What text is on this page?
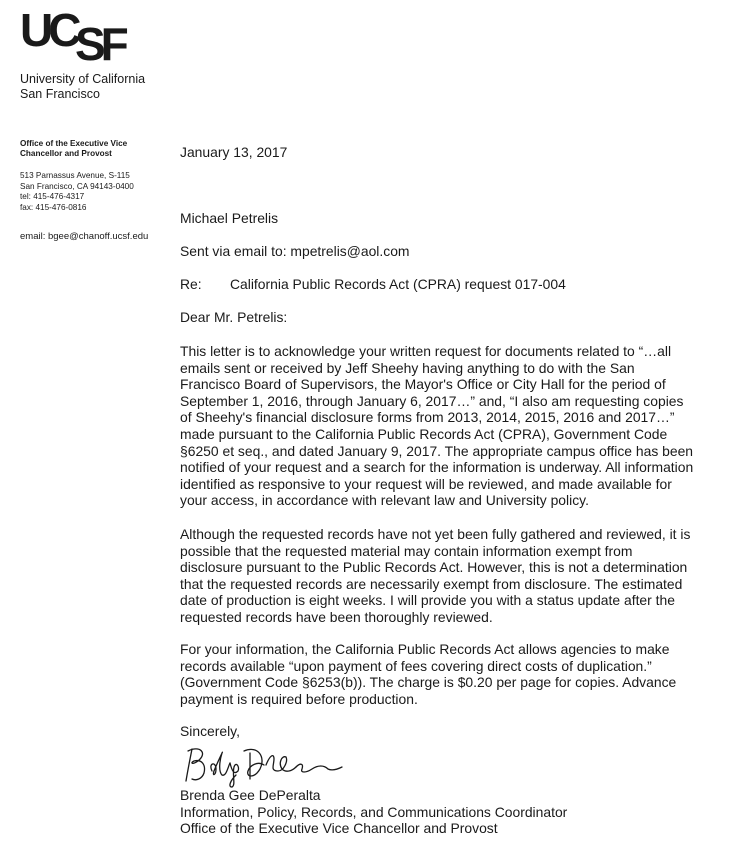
UC
SF
University of California
San Francisco
Office of the Executive Vice
Chancellor and Provost
513 Parnassus Avenue, S-115
San Francisco, CA 94143-0400
tel: 415-476-4317
fax: 415-476-0816
email: bgee@chanoff.ucsf.edu
January 13, 2017
Michael Petrelis
Sent via email to: mpetrelis@aol.com
Re:	California Public Records Act (CPRA) request 017-004
Dear Mr. Petrelis:
This letter is to acknowledge your written request for documents related to “…all
emails sent or received by Jeff Sheehy having anything to do with the San
Francisco Board of Supervisors, the Mayor's Office or City Hall for the period of
September 1, 2016, through January 6, 2017…” and, “I also am requesting copies
of Sheehy's financial disclosure forms from 2013, 2014, 2015, 2016 and 2017…”
made pursuant to the California Public Records Act (CPRA), Government Code
§6250 et seq., and dated January 9, 2017. The appropriate campus office has been
notified of your request and a search for the information is underway. All information
identified as responsive to your request will be reviewed, and made available for
your access, in accordance with relevant law and University policy.
Although the requested records have not yet been fully gathered and reviewed, it is
possible that the requested material may contain information exempt from
disclosure pursuant to the Public Records Act. However, this is not a determination
that the requested records are necessarily exempt from disclosure. The estimated
date of production is eight weeks. I will provide you with a status update after the
requested records have been thoroughly reviewed.
For your information, the California Public Records Act allows agencies to make
records available “upon payment of fees covering direct costs of duplication.”
(Government Code §6253(b)). The charge is $0.20 per page for copies. Advance
payment is required before production.
Sincerely,
Brenda Gee DePeralta
Information, Policy, Records, and Communications Coordinator
Office of the Executive Vice Chancellor and Provost
